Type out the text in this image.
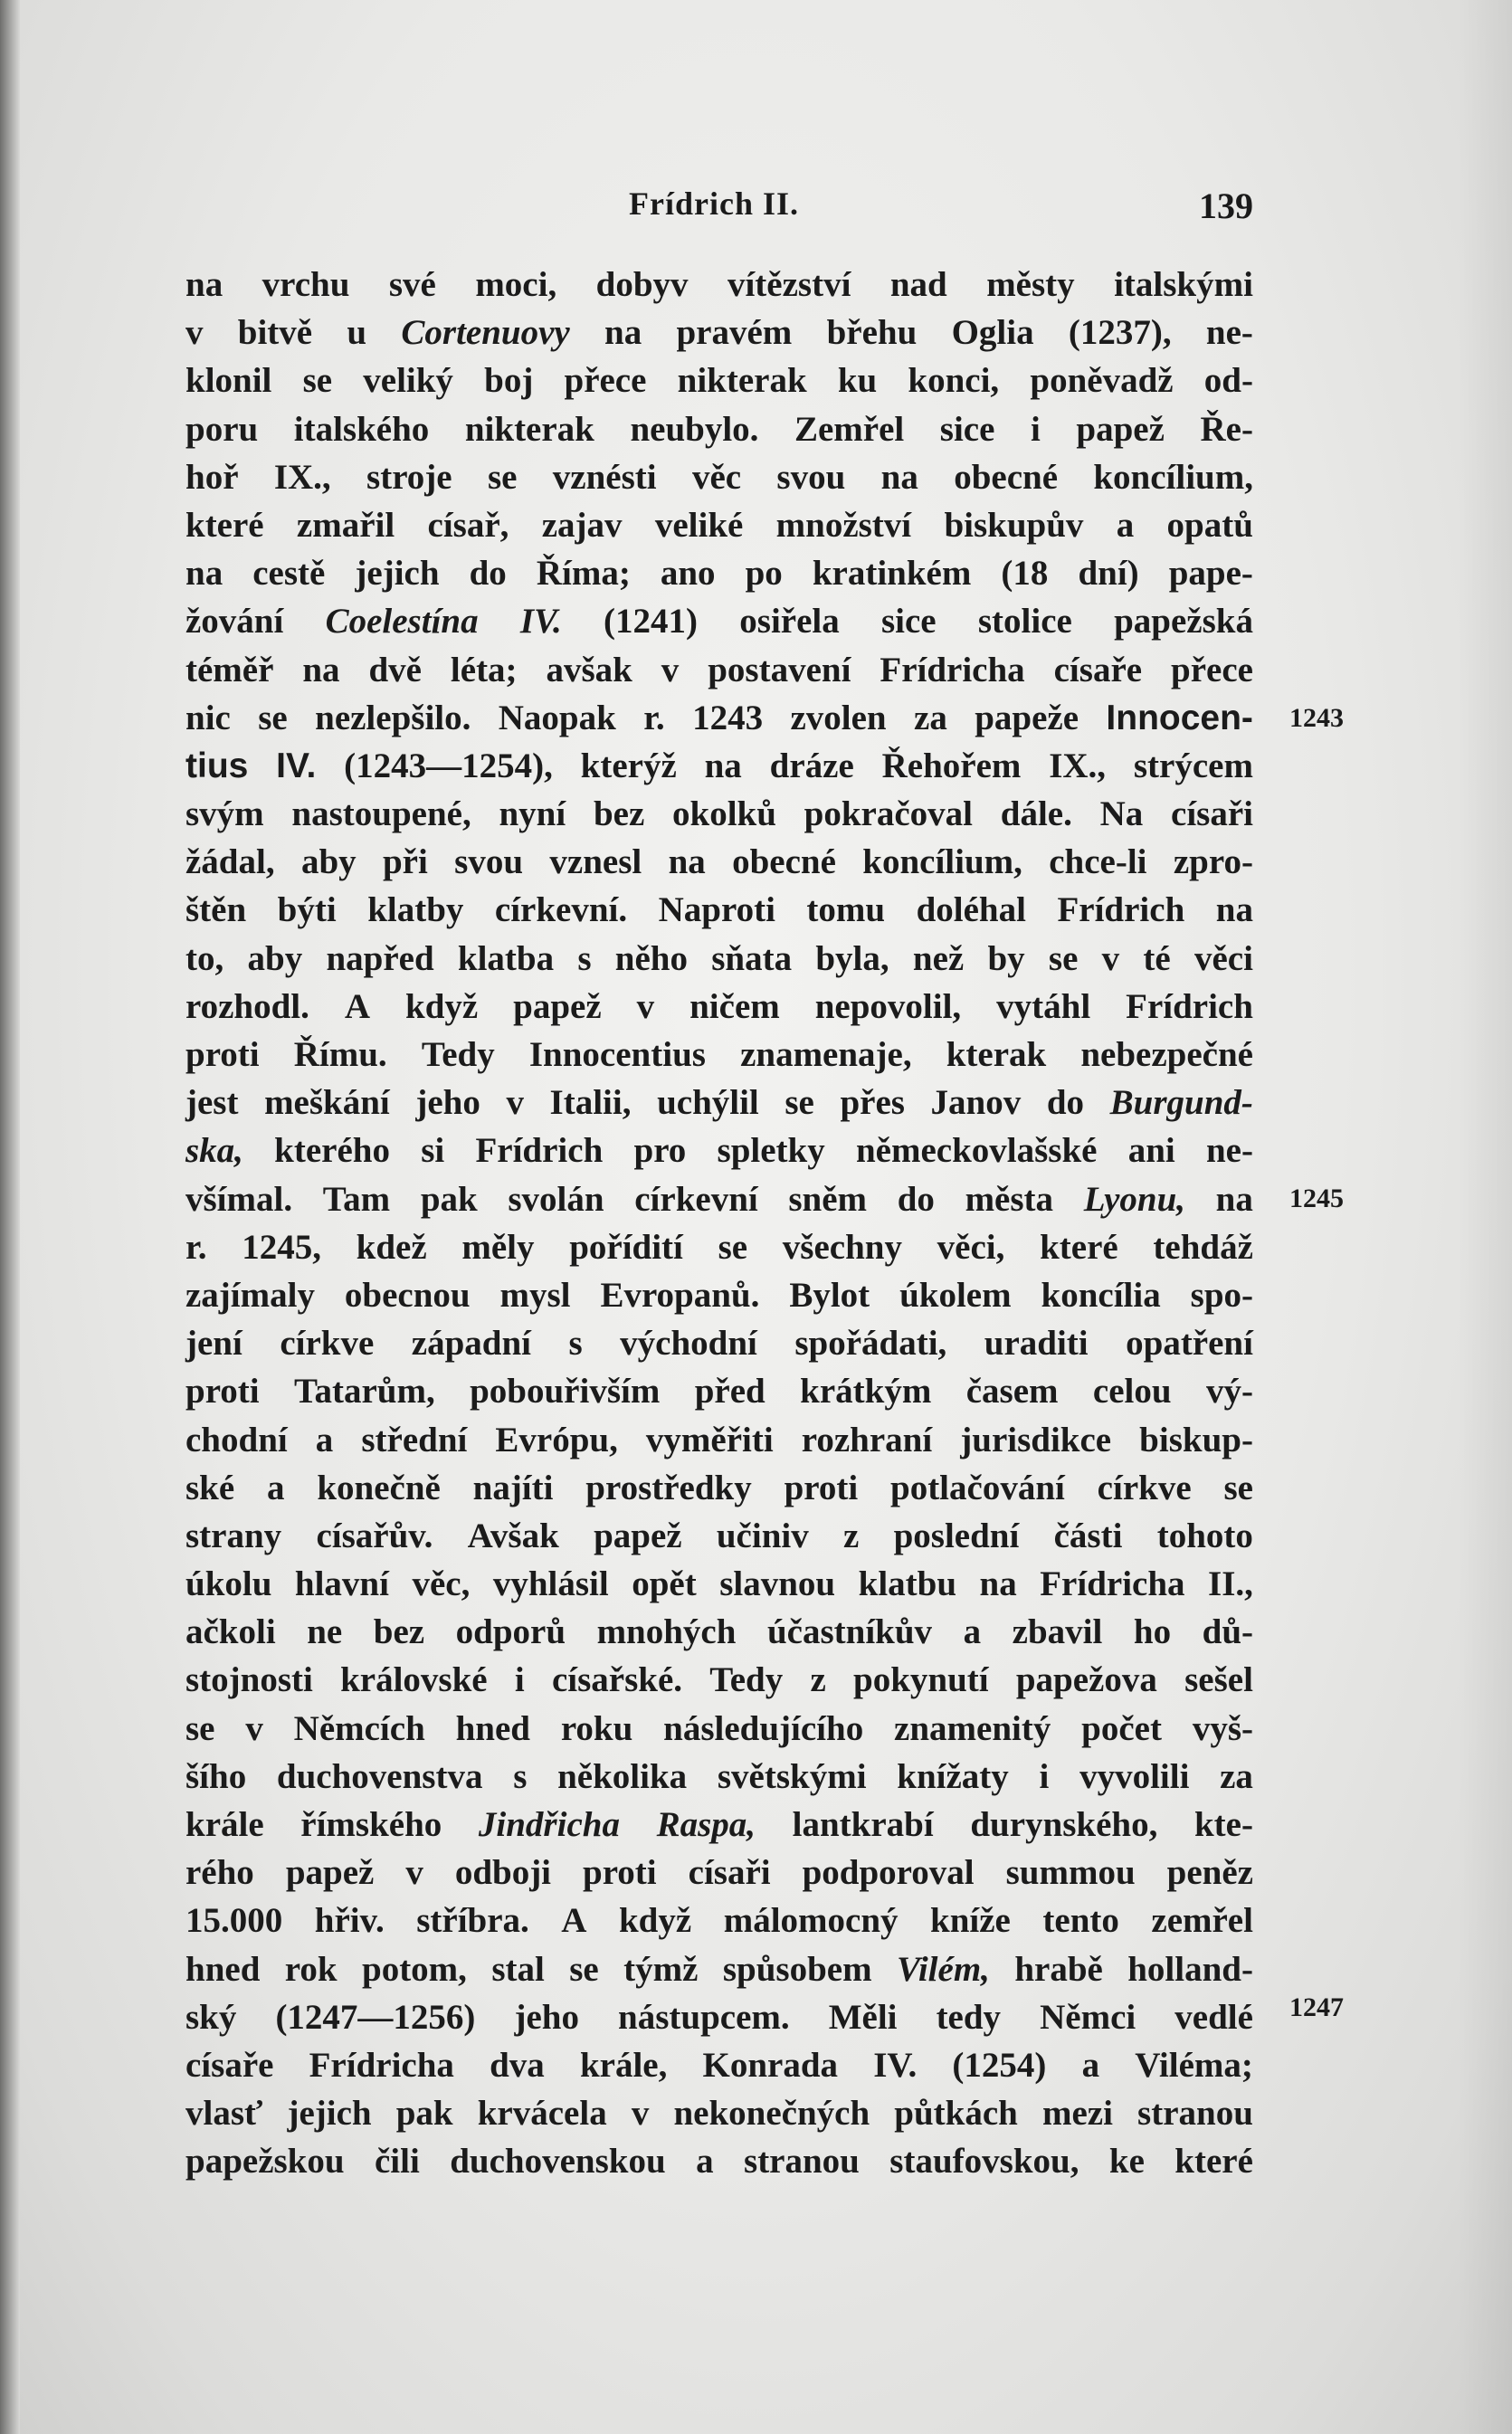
Frídrich II.	139
na vrchu své moci, dobyv vítězství nad městy italskými
v bitvě u Cortenuovy na pravém břehu Oglia (1237), ne-
klonil se veliký boj přece nikterak ku konci, poněvadž od-
poru italského nikterak neubylo. Zemřel sice i papež Ře-
hoř IX., stroje se vznésti věc svou na obecné koncílium,
které zmařil císař, zajav veliké množství biskupův a opatů
na cestě jejich do Říma; ano po kratinkém (18 dní) pape-
žování Coelestína IV. (1241) osiřela sice stolice papežská
téměř na dvě léta; avšak v postavení Frídricha císaře přece
nic se nezlepšilo. Naopak r. 1243 zvolen za papeže Innocen-
tius IV. (1243—1254), kterýž na dráze Řehořem IX., strýcem
svým nastoupené, nyní bez okolků pokračoval dále. Na císaři
žádal, aby při svou vznesl na obecné koncílium, chce-li zpro-
štěn býti klatby církevní. Naproti tomu doléhal Frídrich na
to, aby napřed klatba s něho sňata byla, než by se v té věci
rozhodl. A když papež v ničem nepovolil, vytáhl Frídrich
proti Římu. Tedy Innocentius znamenaje, kterak nebezpečné
jest meškání jeho v Italii, uchýlil se přes Janov do Burgund-
ska, kterého si Frídrich pro spletky německovlašské ani ne-
všímal. Tam pak svolán církevní sněm do města Lyonu, na
r. 1245, kdež měly pořídití se všechny věci, které tehdáž
zajímaly obecnou mysl Evropanů. Bylot úkolem koncília spo-
jení církve západní s východní spořádati, uraditi opatření
proti Tatarům, pobouřivším před krátkým časem celou vý-
chodní a střední Evrópu, vyměřiti rozhraní jurisdikce biskup-
ské a konečně najíti prostředky proti potlačování církve se
strany císařův. Avšak papež učiniv z poslední části tohoto
úkolu hlavní věc, vyhlásil opět slavnou klatbu na Frídricha II.,
ačkoli ne bez odporů mnohých účastníkův a zbavil ho dů-
stojnosti královské i císařské. Tedy z pokynutí papežova sešel
se v Němcích hned roku následujícího znamenitý počet vyš-
šího duchovenstva s několika světskými knížaty i vyvolili za
krále římského Jindřicha Raspa, lantkrabí durynského, kte-
rého papež v odboji proti císaři podporoval summou peněz
15.000 hřiv. stříbra. A když málomocný kníže tento zemřel
hned rok potom, stal se týmž spůsobem Vilém, hrabě holland-
ský (1247—1256) jeho nástupcem. Měli tedy Němci vedlé
císaře Frídricha dva krále, Konrada IV. (1254) a Viléma;
vlasť jejich pak krvácela v nekonečných půtkách mezi stranou
papežskou čili duchovenskou a stranou staufovskou, ke které
1243
1245
1247
